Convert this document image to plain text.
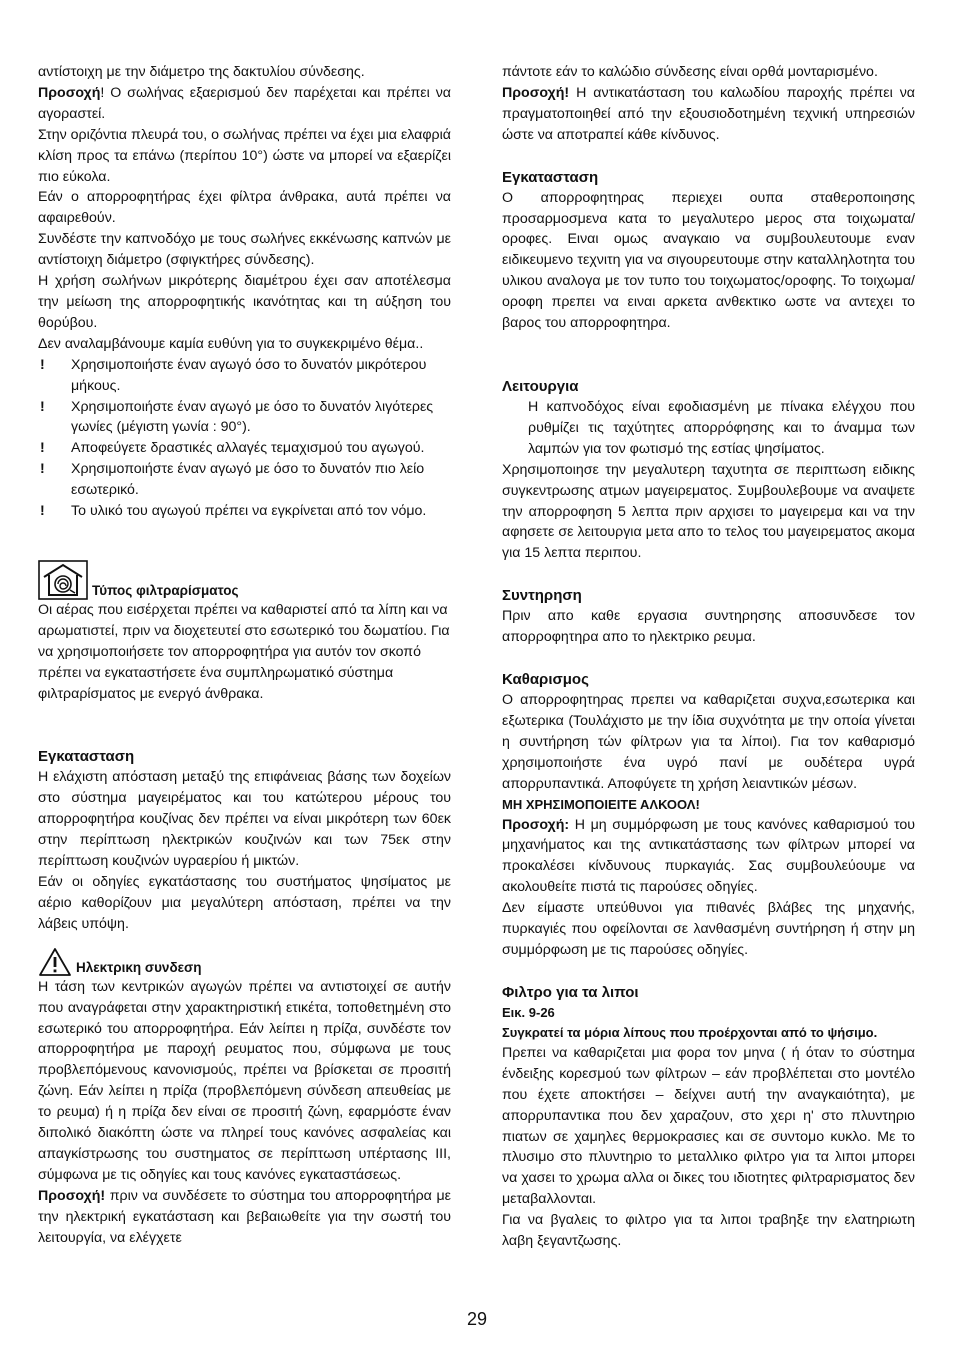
αντίστοιχη με την διάμετρο της δακτυλίου σύνδεσης.

Προσοχή! Ο σωλήνας εξαερισμού δεν παρέχεται και πρέπει να αγοραστεί.

Στην οριζόντια πλευρά του, ο σωλήνας πρέπει να έχει μια ελαφριά κλίση προς τα επάνω (περίπου 10°) ώστε να μπορεί να εξαερίζει πιο εύκολα.

Εάν ο απορροφητήρας έχει φίλτρα άνθρακα, αυτά πρέπει να αφαιρεθούν.

Συνδέστε την καπνοδόχο με τους σωλήνες εκκένωσης καπνών με αντίστοιχη διάμετρο (σφιγκτήρες σύνδεσης).

Η χρήση σωλήνων μικρότερης διαμέτρου έχει σαν αποτέλεσμα την μείωση της απορροφητικής ικανότητας και τη αύξηση του θορύβου.

Δεν αναλαμβάνουμε καμία ευθύνη για το συγκεκριμένο θέμα..

!	Χρησιμοποιήστε έναν αγωγό όσο το δυνατόν μικρότερου μήκους.
!	Χρησιμοποιήστε έναν αγωγό με όσο το δυνατόν λιγότερες γωνίες (μέγιστη γωνία : 90°).
!	Αποφεύγετε δραστικές αλλαγές τεμαχισμού του αγωγού.
!	Χρησιμοποιήστε έναν αγωγό με όσο το δυνατόν πιο λείο εσωτερικό.
!	Το υλικό του αγωγού πρέπει να εγκρίνεται από τον νόμο.
Τύπος φιλτραρίσματος

Οι αέρας που εισέρχεται πρέπει να καθαριστεί από τα λίπη και να αρωματιστεί, πριν να διοχετευτεί στο εσωτερικό του δωματίου. Για να χρησιμοποιήσετε τον απορροφητήρα για αυτόν τον σκοπό πρέπει να εγκαταστήσετε ένα συμπληρωματικό σύστημα φιλτραρίσματος με ενεργό άνθρακα.

Εγκατασταση

Η ελάχιστη απόσταση μεταξύ της επιφάνειας βάσης των δοχείων στο σύστημα μαγειρέματος και του κατώτερου μέρους του απορροφητήρα κουζίνας δεν πρέπει να είναι μικρότερη των 60εκ στην περίπτωση ηλεκτρικών κουζινών και των 75εκ στην περίπτωση κουζινών υγραερίου ή μικτών.

Εάν οι οδηγίες εγκατάστασης του συστήματος ψησίματος με αέριο καθορίζουν μια μεγαλύτερη απόσταση, πρέπει να την λάβεις υπόψη.

Ηλεκτρικη συνδεση

Η τάση των κεντρικών αγωγών πρέπει να αντιστοιχεί σε αυτήν που αναγράφεται στην χαρακτηριστική ετικέτα, τοποθετημένη στο εσωτερικό του απορροφητήρα. Εάν λείπει η πρίζα, συνδέστε τον απορροφητήρα με παροχή ρευματος που, σύμφωνα με τους προβλεπόμενους κανονισμούς, πρέπει να βρίσκεται σε προσιτή ζώνη. Εάν λείπει η πρίζα (προβλεπόμενη σύνδεση απευθείας με το ρευμα) ή η πρίζα δεν είναι σε προσιτή ζώνη, εφαρμόστε έναν διπολικό διακόπτη ώστε να πληρεί τους κανόνες ασφαλείας και απαγκίστρωσης του συστηματος σε περίπτωση υπέρτασης ΙΙΙ, σύμφωνα με τις οδηγίες και τους κανόνες εγκαταστάσεως.

Προσοχή! πριν να συνδέσετε το σύστημα του απορροφητήρα με την ηλεκτρική εγκατάσταση και βεβαιωθείτε για την σωστή του λειτουργία, να ελέγχετε

πάντοτε εάν το καλώδιο σύνδεσης είναι ορθά μονταρισμένο.

Προσοχή! Η αντικατάσταση του καλωδίου παροχής πρέπει να πραγματοποιηθεί από την εξουσιοδοτημένη τεχνική υπηρεσιών ώστε να αποτραπεί κάθε κίνδυνος.

Εγκατασταση

Ο απορροφητηρας περιεχει ουπα σταθεροποιησης προσαρμοσμενα κατα το μεγαλυτερο μερος στα τοιχωματα/οροφες. Ειναι ομως αναγκαιο να συμβουλευτουμε εναν ειδικευμενο τεχνιτη για να σιγουρευτουμε στην καταλληλοτητα του υλικου αναλογα με τον τυπο του τοιχωματος/οροφης. Το τοιχωμα/οροφη πρεπει να ειναι αρκετα ανθεκτικο ωστε να αντεχει το βαρος του απορροφητηρα.

Λειτουργια

Η καπνοδόχος είναι εφοδιασμένη με πίνακα ελέγχου που ρυθμίζει τις ταχύτητες απορρόφησης και το άναμμα των λαμπών για τον φωτισμό της εστίας ψησίματος.

Χρησιμοποιησε την μεγαλυτερη ταχυτητα σε περιπτωση ειδικης συγκεντρωσης ατμων μαγειρεματος. Συμβουλεβουμε να αναψετε την απορροφηση 5 λεπτα πριν αρχισει το μαγειρεμα και να την αφησετε σε λειτουργια μετα απο το τελος του μαγειρεματος ακομα για 15 λεπτα περιπου.

Συντηρηση

Πριν απο καθε εργασια συντηρησης αποσυνδεσε τον απορροφητηρα απο το ηλεκτρικο ρευμα.

Καθαρισμος

Ο απορροφητηρας πρεπει να καθαριζεται συχνα,εσωτερικα και εξωτερικα (Τουλάχιστο με την ίδια συχνότητα με την οποία γίνεται η συντήρηση τών φίλτρων για τα λίποι). Για τον καθαρισμό χρησιμοποιήστε ένα υγρό πανί με ουδέτερα υγρά απορρυπαντικά. Αποφύγετε τη χρήση λειαντικών μέσων.

ΜΗ ΧΡΗΣΙΜΟΠΟΙΕΙΤΕ ΑΛΚΟΟΛ!

Προσοχή: Η μη συμμόρφωση με τους κανόνες καθαρισμού του μηχανήματος και της αντικατάστασης των φίλτρων μπορεί να προκαλέσει κίνδυνους πυρκαγιάς. Σας συμβουλεύουμε να ακολουθείτε πιστά τις παρούσες οδηγίες.

Δεν είμαστε υπεύθυνοι για πιθανές βλάβες της μηχανής, πυρκαγιές που οφείλονται σε λανθασμένη συντήρηση ή στην μη συμμόρφωση με τις παρούσες οδηγίες.

Φιλτρο για τα λιποι

Εικ. 9-26

Συγκρατεί τα μόρια λίπους που προέρχονται από το ψήσιμο.

Πρεπει να καθαριζεται μια φορα τον μηνα ( ή όταν το σύστημα ένδειξης κορεσμού των φίλτρων – εάν προβλέπεται στο μοντέλο που έχετε αποκτήσει – δείχνει αυτή την αναγκαιότητα), με απορρυπαντικα που δεν χαραζουν, στο χερι η' στο πλυντηριο πιατων σε χαμηλες θερμοκρασιες και σε συντομο κυκλο. Με το πλυσιμο στο πλυντηριο το μεταλλικο φιλτρο για τα λιποι μπορει να χασει το χρωμα αλλα οι δικες του ιδιοτητες φιλτραρισματος δεν μεταβαλλονται.

Για να βγαλεις το φιλτρο για τα λιποι τραβηξε την ελατηριωτη λαβη ξεγαντζωσης.

29
